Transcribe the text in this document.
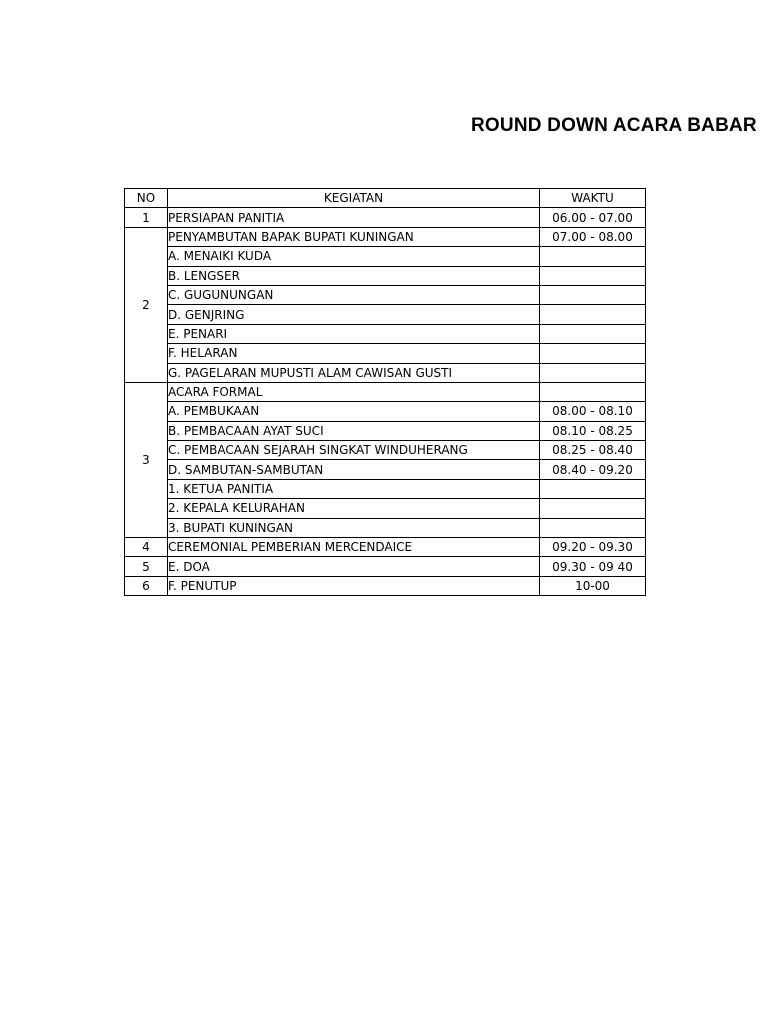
ROUND DOWN ACARA BABAR
NO	KEGIATAN	WAKTU
1	PERSIAPAN PANITIA	06.00 - 07.00
2	PENYAMBUTAN BAPAK BUPATI KUNINGAN	07.00 - 08.00
	A. MENAIKI KUDA	
	B. LENGSER	
	C. GUGUNUNGAN	
	D. GENJRING	
	E. PENARI	
	F. HELARAN	
	G. PAGELARAN MUPUSTI ALAM CAWISAN GUSTI	
3	ACARA FORMAL	
	A. PEMBUKAAN	08.00 - 08.10
	B. PEMBACAAN AYAT SUCI	08.10 - 08.25
	C. PEMBACAAN SEJARAH SINGKAT WINDUHERANG	08.25 - 08.40
	D. SAMBUTAN-SAMBUTAN	08.40 - 09.20
	1. KETUA PANITIA	
	2. KEPALA KELURAHAN	
	3. BUPATI KUNINGAN	
4	CEREMONIAL PEMBERIAN MERCENDAICE	09.20 - 09.30
5	E. DOA	09.30 - 09 40
6	F. PENUTUP	10-00
